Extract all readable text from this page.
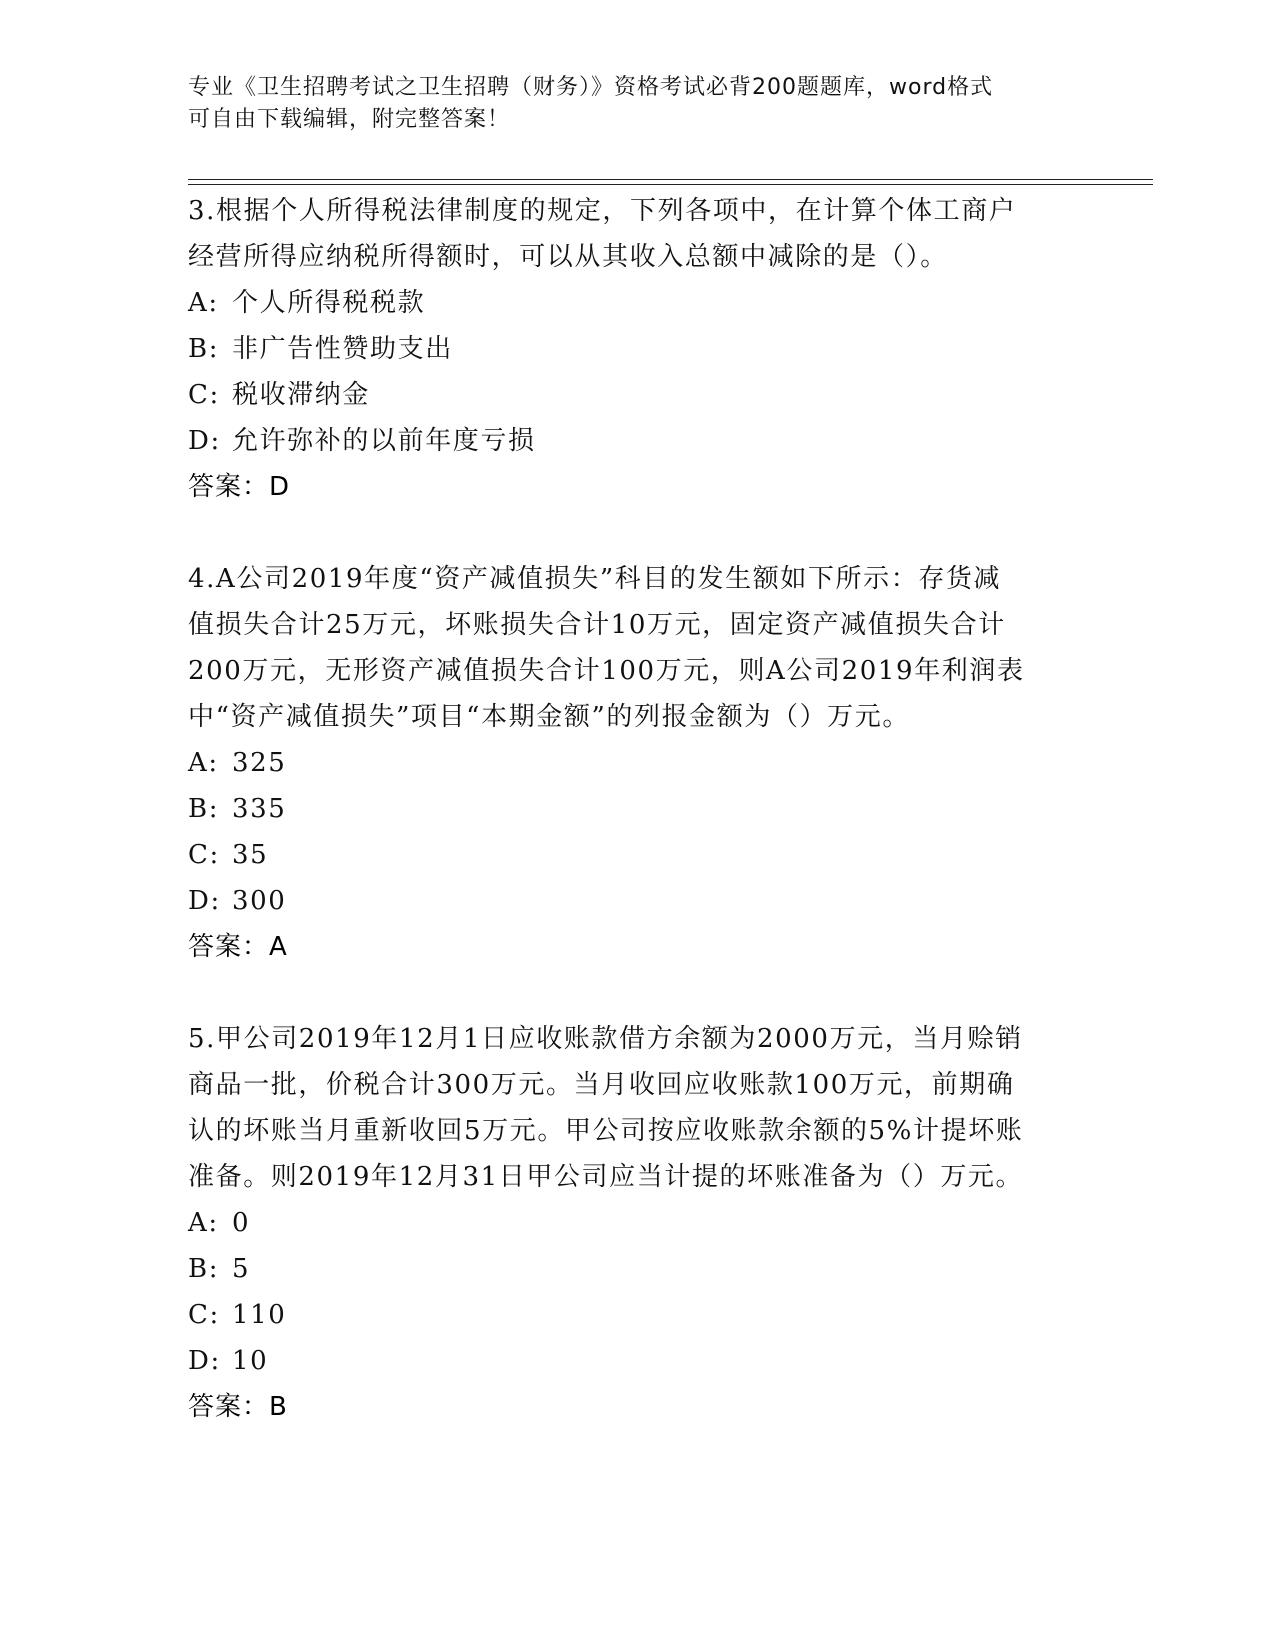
专业《卫生招聘考试之卫生招聘（财务）》资格考试必背200题题库，word格式
可自由下载编辑，附完整答案！
3.根据个人所得税法律制度的规定，下列各项中，在计算个体工商户
经营所得应纳税所得额时，可以从其收入总额中减除的是（）。
A: 个人所得税税款
B: 非广告性赞助支出
C: 税收滞纳金
D: 允许弥补的以前年度亏损
答案：D
4.A公司2019年度“资产减值损失”科目的发生额如下所示：存货减
值损失合计25万元，坏账损失合计10万元，固定资产减值损失合计
200万元，无形资产减值损失合计100万元，则A公司2019年利润表
中“资产减值损失”项目“本期金额”的列报金额为（）万元。
A: 325
B: 335
C: 35
D: 300
答案：A
5.甲公司2019年12月1日应收账款借方余额为2000万元，当月赊销
商品一批，价税合计300万元。当月收回应收账款100万元，前期确
认的坏账当月重新收回5万元。甲公司按应收账款余额的5%计提坏账
准备。则2019年12月31日甲公司应当计提的坏账准备为（）万元。
A: 0
B: 5
C: 110
D: 10
答案：B
